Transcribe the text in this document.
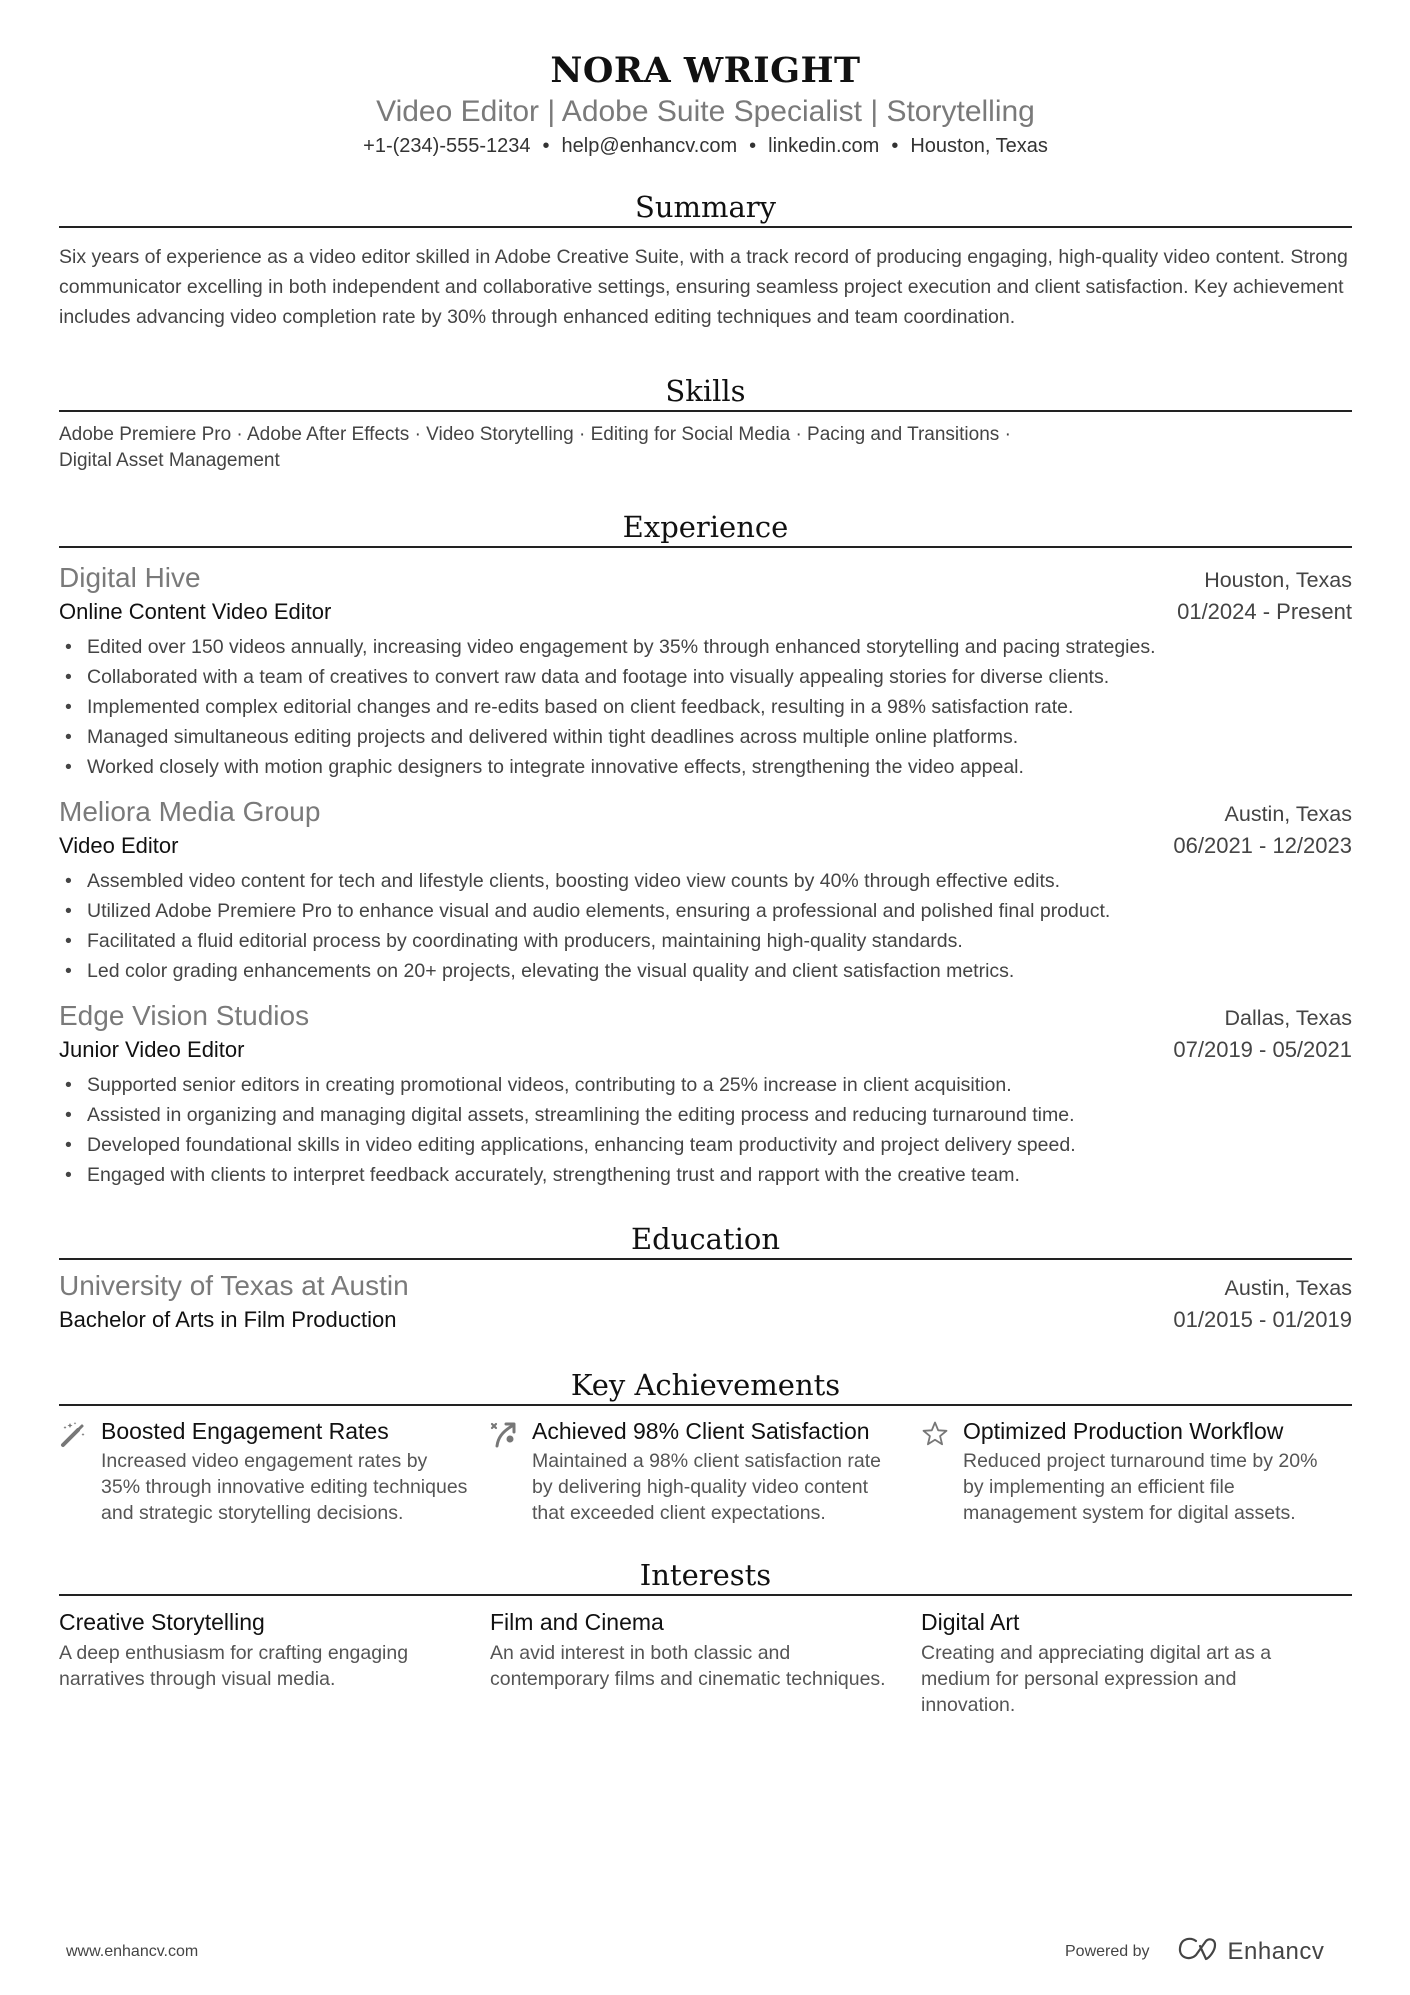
NORA WRIGHT
Video Editor | Adobe Suite Specialist | Storytelling
+1-(234)-555-1234 • help@enhancv.com • linkedin.com • Houston, Texas
Summary

Six years of experience as a video editor skilled in Adobe Creative Suite, with a track record of producing engaging, high-quality video content. Strong communicator excelling in both independent and collaborative settings, ensuring seamless project execution and client satisfaction. Key achievement includes advancing video completion rate by 30% through enhanced editing techniques and team coordination.

Skills
Adobe Premiere Pro · Adobe After Effects · Video Storytelling · Editing for Social Media · Pacing and Transitions ·
Digital Asset Management
Experience
Digital Hive	Houston, Texas
Online Content Video Editor	01/2024 - Present
• Edited over 150 videos annually, increasing video engagement by 35% through enhanced storytelling and pacing strategies.
• Collaborated with a team of creatives to convert raw data and footage into visually appealing stories for diverse clients.
• Implemented complex editorial changes and re-edits based on client feedback, resulting in a 98% satisfaction rate.
• Managed simultaneous editing projects and delivered within tight deadlines across multiple online platforms.
• Worked closely with motion graphic designers to integrate innovative effects, strengthening the video appeal.
Meliora Media Group	Austin, Texas
Video Editor	06/2021 - 12/2023
• Assembled video content for tech and lifestyle clients, boosting video view counts by 40% through effective edits.
• Utilized Adobe Premiere Pro to enhance visual and audio elements, ensuring a professional and polished final product.
• Facilitated a fluid editorial process by coordinating with producers, maintaining high-quality standards.
• Led color grading enhancements on 20+ projects, elevating the visual quality and client satisfaction metrics.
Edge Vision Studios	Dallas, Texas
Junior Video Editor	07/2019 - 05/2021
• Supported senior editors in creating promotional videos, contributing to a 25% increase in client acquisition.
• Assisted in organizing and managing digital assets, streamlining the editing process and reducing turnaround time.
• Developed foundational skills in video editing applications, enhancing team productivity and project delivery speed.
• Engaged with clients to interpret feedback accurately, strengthening trust and rapport with the creative team.
Education
University of Texas at Austin	Austin, Texas
Bachelor of Arts in Film Production	01/2015 - 01/2019
Key Achievements
Boosted Engagement Rates
Increased video engagement rates by 35% through innovative editing techniques and strategic storytelling decisions.
Achieved 98% Client Satisfaction
Maintained a 98% client satisfaction rate by delivering high-quality video content that exceeded client expectations.
Optimized Production Workflow
Reduced project turnaround time by 20% by implementing an efficient file management system for digital assets.
Interests
Creative Storytelling
A deep enthusiasm for crafting engaging narratives through visual media.
Film and Cinema
An avid interest in both classic and contemporary films and cinematic techniques.
Digital Art
Creating and appreciating digital art as a medium for personal expression and innovation.
www.enhancv.com	Powered by	Enhancv
